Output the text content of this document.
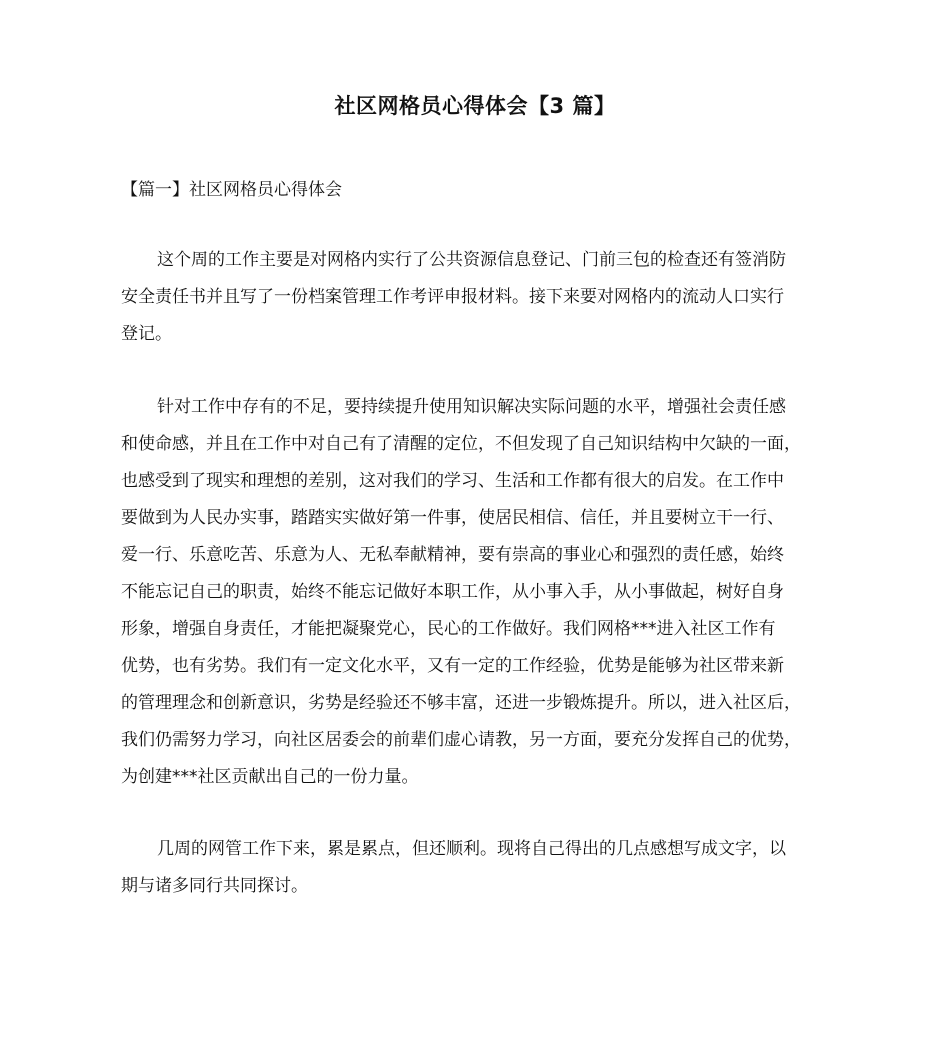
社区网格员心得体会【3 篇】
【篇一】社区网格员心得体会
这个周的工作主要是对网格内实行了公共资源信息登记、门前三包的检查还有签消防
安全责任书并且写了一份档案管理工作考评申报材料。接下来要对网格内的流动人口实行
登记。
针对工作中存有的不足，要持续提升使用知识解决实际问题的水平，增强社会责任感
和使命感，并且在工作中对自己有了清醒的定位，不但发现了自己知识结构中欠缺的一面，
也感受到了现实和理想的差别，这对我们的学习、生活和工作都有很大的启发。在工作中
要做到为人民办实事，踏踏实实做好第一件事，使居民相信、信任，并且要树立干一行、
爱一行、乐意吃苦、乐意为人、无私奉献精神，要有崇高的事业心和强烈的责任感，始终
不能忘记自己的职责，始终不能忘记做好本职工作，从小事入手，从小事做起，树好自身
形象，增强自身责任，才能把凝聚党心，民心的工作做好。我们网格***进入社区工作有
优势，也有劣势。我们有一定文化水平，又有一定的工作经验，优势是能够为社区带来新
的管理理念和创新意识，劣势是经验还不够丰富，还进一步锻炼提升。所以，进入社区后，
我们仍需努力学习，向社区居委会的前辈们虚心请教，另一方面，要充分发挥自己的优势，
为创建***社区贡献出自己的一份力量。
几周的网管工作下来，累是累点，但还顺利。现将自己得出的几点感想写成文字，以
期与诸多同行共同探讨。
